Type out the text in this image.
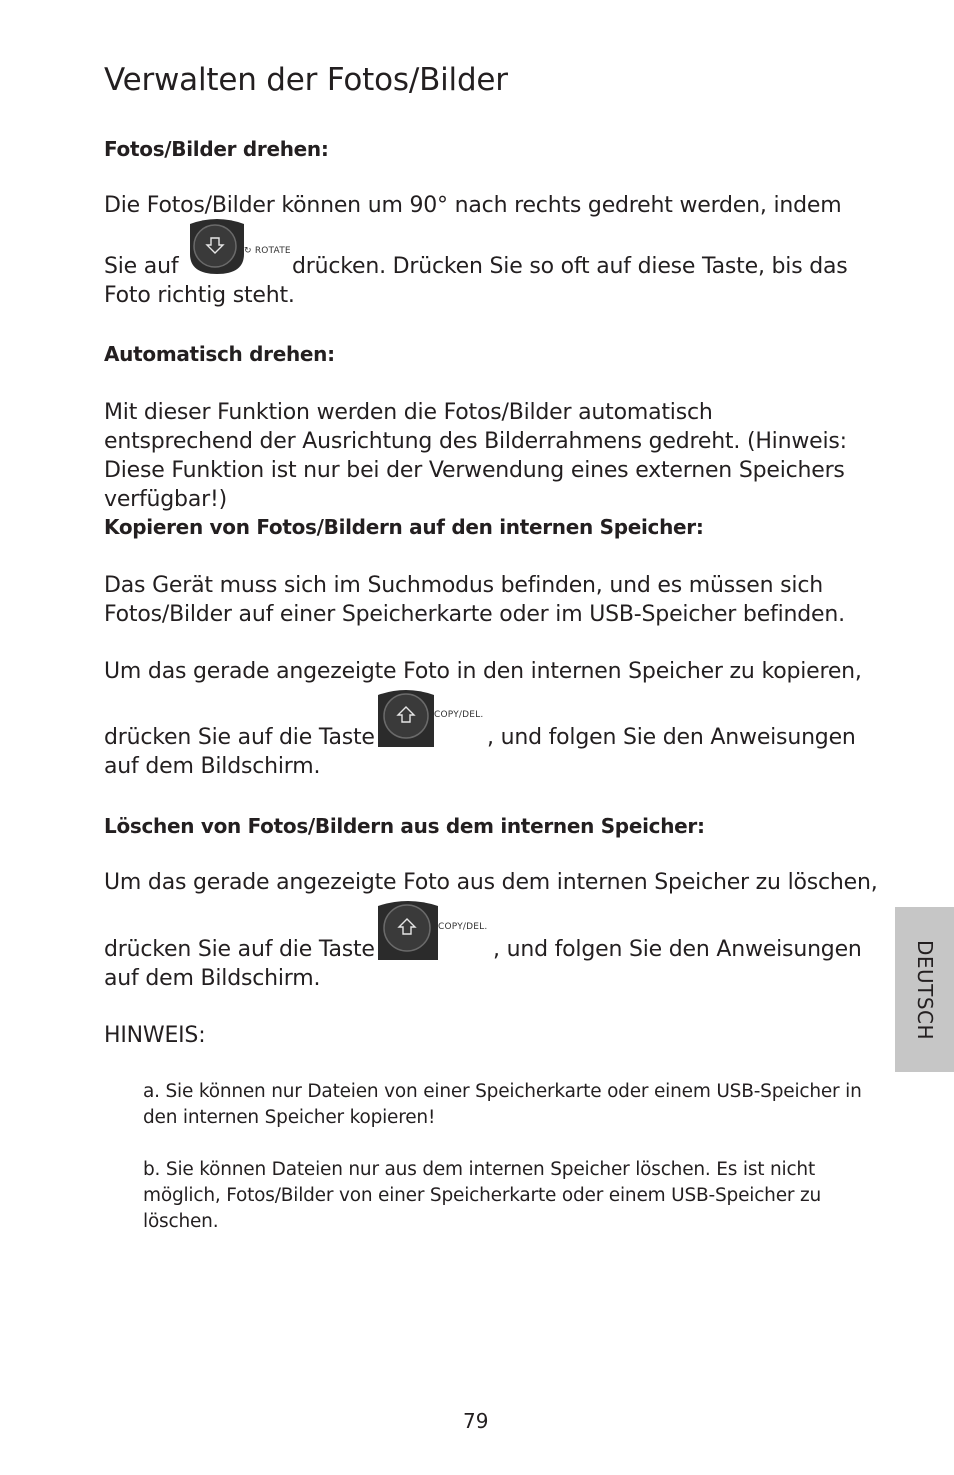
Verwalten der Fotos/Bilder
Fotos/Bilder drehen:
Die Fotos/Bilder können um 90° nach rechts gedreht werden, indem
Sie auf
↻ ROTATE
drücken. Drücken Sie so oft auf diese Taste, bis das
Foto richtig steht.
Automatisch drehen:
Mit dieser Funktion werden die Fotos/Bilder automatisch entsprechend der Ausrichtung des Bilderrahmens gedreht. (Hinweis: Diese Funktion ist nur bei der Verwendung eines externen Speichers verfügbar!)
Kopieren von Fotos/Bildern auf den internen Speicher:
Das Gerät muss sich im Suchmodus befinden, und es müssen sich Fotos/Bilder auf einer Speicherkarte oder im USB-Speicher befinden.
Um das gerade angezeigte Foto in den internen Speicher zu kopieren,
drücken Sie auf die Taste
COPY/DEL.
, und folgen Sie den Anweisungen
auf dem Bildschirm.
Löschen von Fotos/Bildern aus dem internen Speicher:
Um das gerade angezeigte Foto aus dem internen Speicher zu löschen,
drücken Sie auf die Taste
COPY/DEL.
, und folgen Sie den Anweisungen
auf dem Bildschirm.
HINWEIS:
a. Sie können nur Dateien von einer Speicherkarte oder einem USB-Speicher in den internen Speicher kopieren!
b. Sie können Dateien nur aus dem internen Speicher löschen. Es ist nicht möglich, Fotos/Bilder von einer Speicherkarte oder einem USB-Speicher zu löschen.
DEUTSCH
79
